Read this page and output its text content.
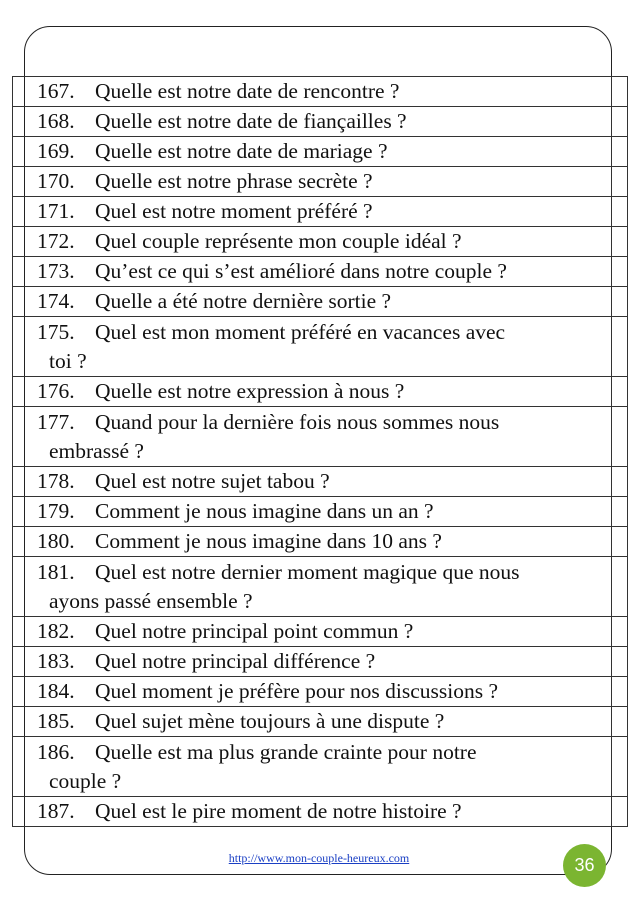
167. Quelle est notre date de rencontre ?	
168. Quelle est notre date de fiançailles ?	
169. Quelle est notre date de mariage ?	
170. Quelle est notre phrase secrète ?	
171. Quel est notre moment préféré ?	
172. Quel couple représente mon couple idéal ?	
173. Qu’est ce qui s’est amélioré dans notre couple ?	
174. Quelle a été notre dernière sortie ?	
175. Quel est mon moment préféré en vacances avec
toi ?	

176. Quelle est notre expression à nous ?	
177. Quand pour la dernière fois nous sommes nous
embrassé ?	

178. Quel est notre sujet tabou ?	
179. Comment je nous imagine dans un an ?	
180. Comment je nous imagine dans 10 ans ?	
181. Quel est notre dernier moment magique que nous
ayons passé ensemble ?	

182. Quel notre principal point commun ?	
183. Quel notre principal différence ?	
184. Quel moment je préfère pour nos discussions ?	
185. Quel sujet mène toujours à une dispute ?	
186. Quelle est ma plus grande crainte pour notre
couple ?	

187. Quel est le pire moment de notre histoire ?	
http://www.mon-couple-heureux.com	36
